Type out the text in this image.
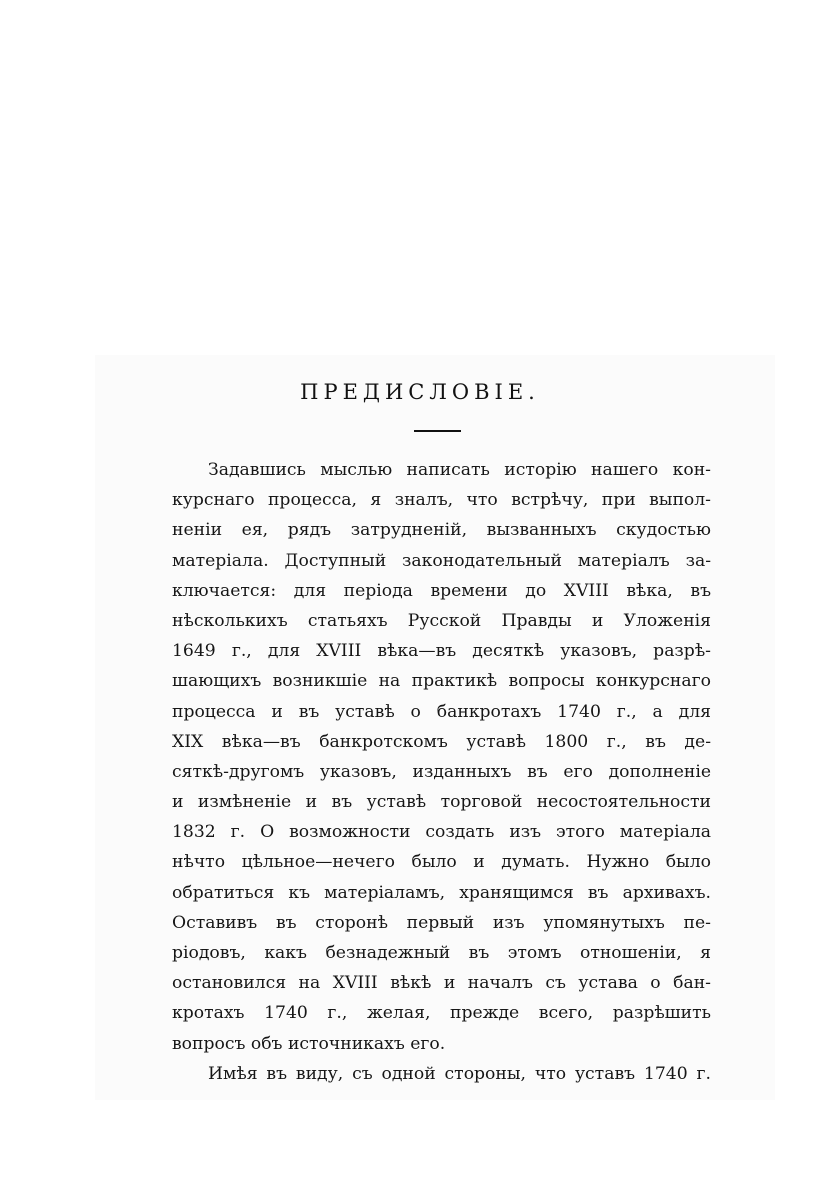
ПРЕДИСЛОВІЕ.
Задавшись мыслью написать исторію нашего кон-
курснаго процесса, я зналъ, что встрѣчу, при выпол-
неніи ея, рядъ затрудненій, вызванныхъ скудостью
матеріала. Доступный законодательный матеріалъ за-
ключается: для періода времени до XVIII вѣка, въ
нѣсколькихъ статьяхъ Русской Правды и Уложенія
1649 г., для XVIII вѣка—въ десяткѣ указовъ, разрѣ-
шающихъ возникшіе на практикѣ вопросы конкурснаго
процесса и въ уставѣ о банкротахъ 1740 г., а для
XIX вѣка—въ банкротскомъ уставѣ 1800 г., въ де-
сяткѣ-другомъ указовъ, изданныхъ въ его дополненіе
и измѣненіе и въ уставѣ торговой несостоятельности
1832 г. О возможности создать изъ этого матеріала
нѣчто цѣльное—нечего было и думать. Нужно было
обратиться къ матеріаламъ, хранящимся въ архивахъ.
Оставивъ въ сторонѣ первый изъ упомянутыхъ пе-
ріодовъ, какъ безнадежный въ этомъ отношеніи, я
остановился на XVIII вѣкѣ и началъ съ устава о бан-
кротахъ 1740 г., желая, прежде всего, разрѣшить
вопросъ объ источникахъ его.
Имѣя въ виду, съ одной стороны, что уставъ 1740 г.
